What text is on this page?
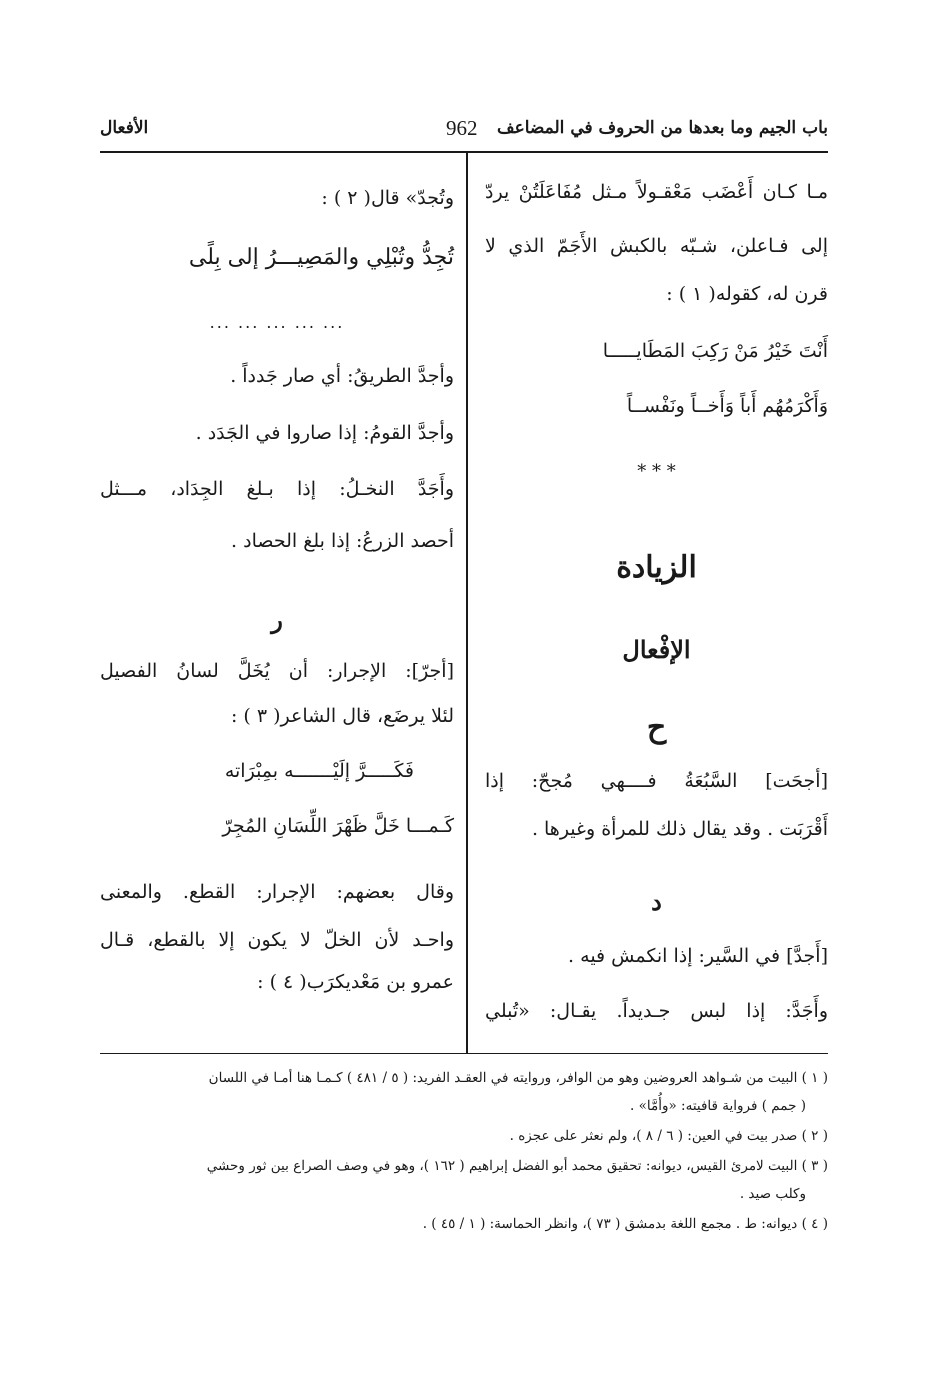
باب الجيم وما بعدها من الحروف في المضاعف
962
الأفعال
مـا كـان أَعْضَب مَعْقـولاً مـثل مُفَاعَلَتُنْ يردّ
إلى فـاعلن، شـبّه بالكبش الأَجَمّ الذي لا
قرن له، كقوله( ١ ) :
أَنْتَ خَيْرُ مَنْ رَكِبَ المَطَايـــــا
وَأَكْرَمُهُم أَباً وَأَخــاً ونَفْســاً
* * *
الزيادة
الإفْعال
ح
[أجحَت] السَّبُعَةُ فــــهي مُجحّ: إذا
أَقْرَبَت . وقد يقال ذلك للمرأة وغيرها .
د
[أَجدَّ] في السَّير: إذا انكمش فيه .
وأَجَدَّ: إذا لبس جـديداً. يقـال: «تُبلي
وتُجدّ» قال( ٢ ) :
تُجِدُّ وتُبْلِي والمَصِيـــرُ إلى بِلًى
... ... ... ... ...
وأجدَّ الطريقُ: أي صار جَدداً .
وأجدَّ القومُ: إذا صاروا في الجَدَد .
وأَجَدَّ النخـلُ: إذا بـلغ الجِدَاد، مـــثل
أحصد الزرعُ: إذا بلغ الحصاد .
ر
[أجرّ]: الإجرار: أن يُخَلَّ لسانُ الفصيل
لئلا يرضَع، قال الشاعر( ٣ ) :
فَكَـــــرَّ إلَيْـــــــه بمِبْرَاته
كَـمـــا خَلَّ ظَهْرَ اللِّسَانِ المُجِرّ
وقال بعضهم: الإجرار: القطع. والمعنى
واحـد لأن الخلّ لا يكون إلا بالقطع، قـال
عمرو بن مَعْديكرَب( ٤ ) :
( ١ ) البيت من شـواهد العروضين وهو من الوافر، وروايته في العقـد الفريد: ( ٥ / ٤٨١ ) كـمـا هنا أمـا في اللسان
( جمم ) فرواية قافيته: «وأُمَّا» .
( ٢ ) صدر بيت في العين: ( ٦ / ٨ )، ولم نعثر على عجزه .
( ٣ ) البيت لامرئ القيس، ديوانه: تحقيق محمد أبو الفضل إبراهيم ( ١٦٢ )، وهو في وصف الصراع بين ثور وحشي
وكلب صيد .
( ٤ ) ديوانه: ط . مجمع اللغة بدمشق ( ٧٣ )، وانظر الحماسة: ( ١ / ٤٥ ) .
